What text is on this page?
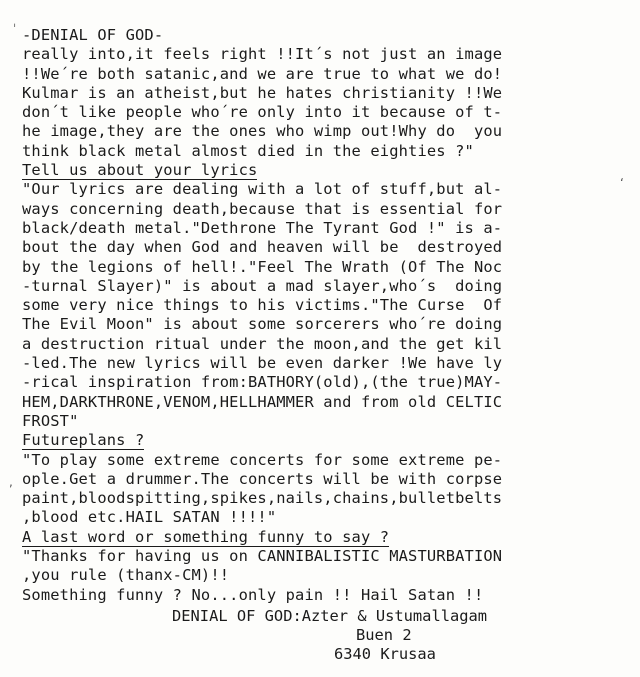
ˈ
ʻ
,
-DENIAL OF GOD-
really into,it feels right !!It´s not just an image
!!We´re both satanic,and we are true to what we do!
Kulmar is an atheist,but he hates christianity !!We
don´t like people who´re only into it because of t-
he image,they are the ones who wimp out!Why do  you
think black metal almost died in the eighties ?"
Tell us about your lyrics
"Our lyrics are dealing with a lot of stuff,but al-
ways concerning death,because that is essential for
black/death metal."Dethrone The Tyrant God !" is a-
bout the day when God and heaven will be  destroyed
by the legions of hell!."Feel The Wrath (Of The Noc
-turnal Slayer)" is about a mad slayer,who´s  doing
some very nice things to his victims."The Curse  Of
The Evil Moon" is about some sorcerers who´re doing
a destruction ritual under the moon,and the get kil
-led.The new lyrics will be even darker !We have ly
-rical inspiration from:BATHORY(old),(the true)MAY-
HEM,DARKTHRONE,VENOM,HELLHAMMER and from old CELTIC
FROST"
Futureplans ?
"To play some extreme concerts for some extreme pe-
ople.Get a drummer.The concerts will be with corpse
paint,bloodspitting,spikes,nails,chains,bulletbelts
,blood etc.HAIL SATAN !!!!"
A last word or something funny to say ?
"Thanks for having us on CANNIBALISTIC MASTURBATION
,you rule (thanx-CM)!!
Something funny ? No...only pain !! Hail Satan !!
DENIAL OF GOD:Azter & Ustumallagam
Buen 2
6340 Krusaa
